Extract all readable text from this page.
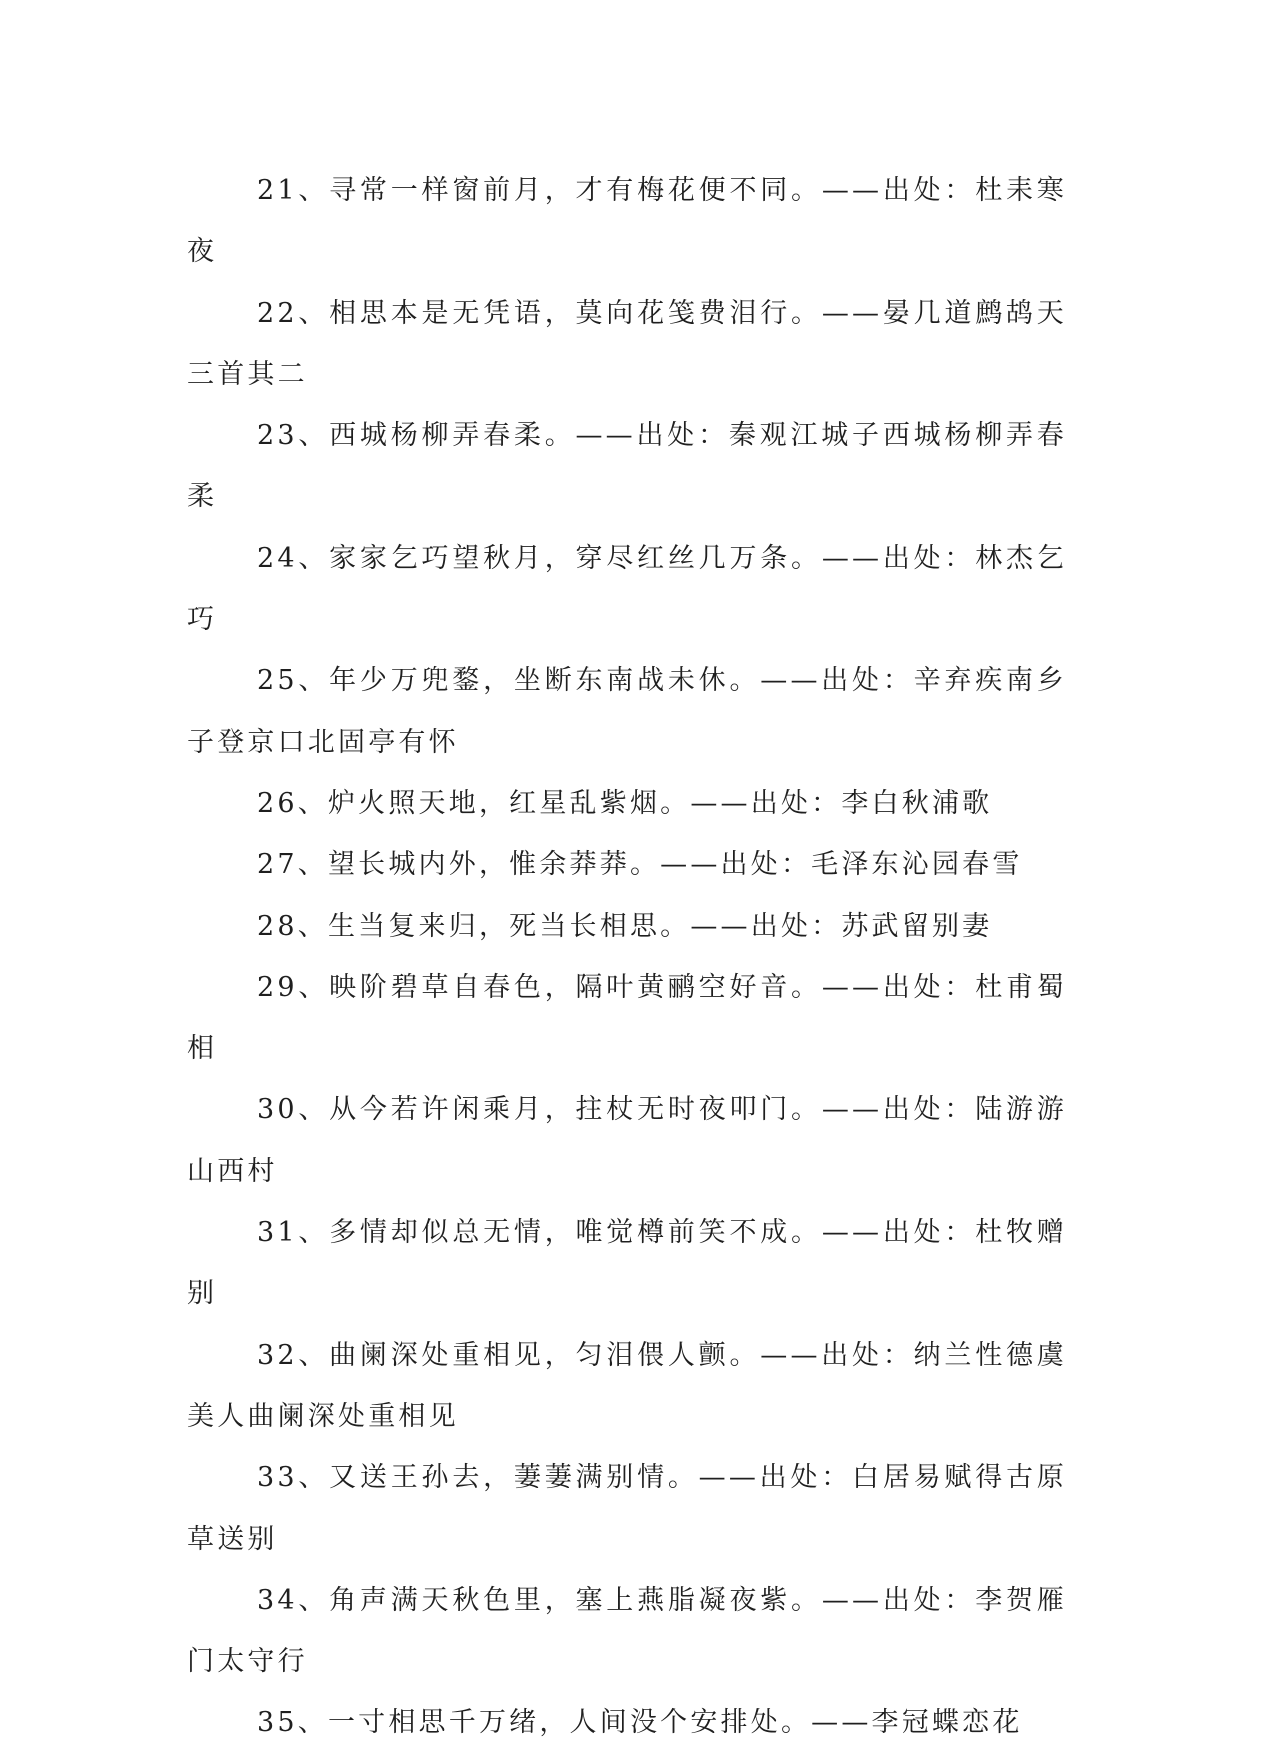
21、寻常一样窗前月，才有梅花便不同。——出处：杜耒寒夜

22、相思本是无凭语，莫向花笺费泪行。——晏几道鹧鸪天三首其二

23、西城杨柳弄春柔。——出处：秦观江城子西城杨柳弄春柔

24、家家乞巧望秋月，穿尽红丝几万条。——出处：林杰乞巧

25、年少万兜鍪，坐断东南战未休。——出处：辛弃疾南乡子登京口北固亭有怀

26、炉火照天地，红星乱紫烟。——出处：李白秋浦歌

27、望长城内外，惟余莽莽。——出处：毛泽东沁园春雪

28、生当复来归，死当长相思。——出处：苏武留别妻

29、映阶碧草自春色，隔叶黄鹂空好音。——出处：杜甫蜀相

30、从今若许闲乘月，拄杖无时夜叩门。——出处：陆游游山西村

31、多情却似总无情，唯觉樽前笑不成。——出处：杜牧赠别

32、曲阑深处重相见，匀泪偎人颤。——出处：纳兰性德虞美人曲阑深处重相见

33、又送王孙去，萋萋满别情。——出处：白居易赋得古原草送别

34、角声满天秋色里，塞上燕脂凝夜紫。——出处：李贺雁门太守行

35、一寸相思千万绪，人间没个安排处。——李冠蝶恋花
